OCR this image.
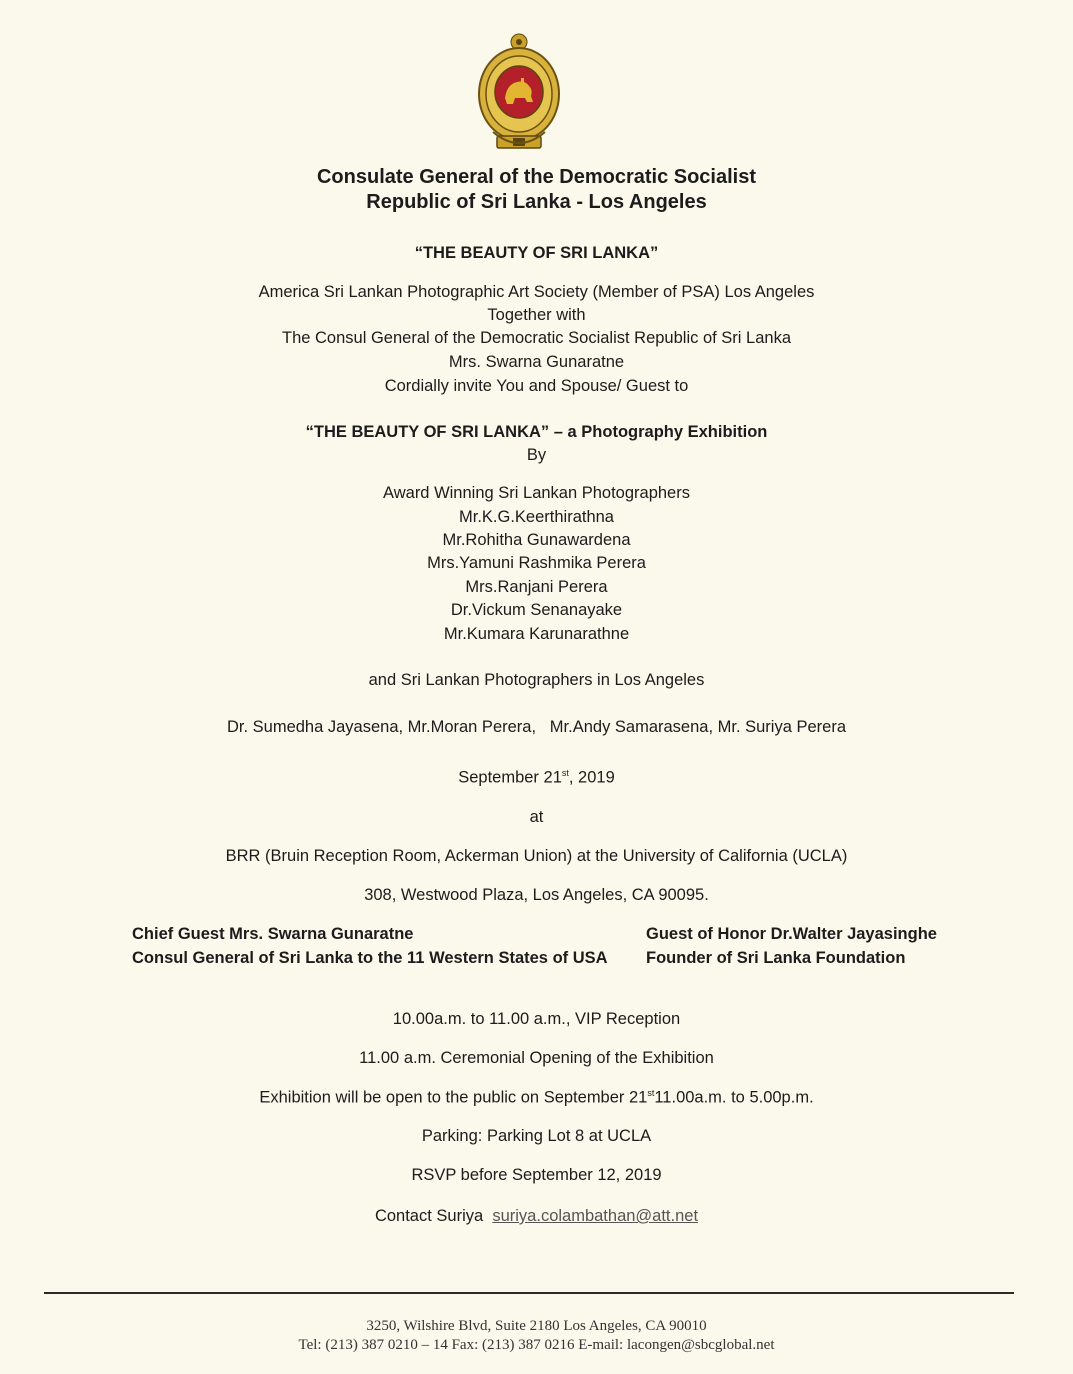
Consulate General of the Democratic Socialist
Republic of Sri Lanka - Los Angeles
“THE BEAUTY OF SRI LANKA”
America Sri Lankan Photographic Art Society (Member of PSA) Los Angeles
Together with
The Consul General of the Democratic Socialist Republic of Sri Lanka
Mrs. Swarna Gunaratne
Cordially invite You and Spouse/ Guest to
“THE BEAUTY OF SRI LANKA” – a Photography Exhibition
By
Award Winning Sri Lankan Photographers
Mr.K.G.Keerthirathna
Mr.Rohitha Gunawardena
Mrs.Yamuni Rashmika Perera
Mrs.Ranjani Perera
Dr.Vickum Senanayake
Mr.Kumara Karunarathne
and Sri Lankan Photographers in Los Angeles
Dr. Sumedha Jayasena, Mr.Moran Perera,   Mr.Andy Samarasena, Mr. Suriya Perera
September 21st, 2019
at
BRR (Bruin Reception Room, Ackerman Union) at the University of California (UCLA)
308, Westwood Plaza, Los Angeles, CA 90095.
Chief Guest Mrs. Swarna Gunaratne
Consul General of Sri Lanka to the 11 Western States of USA
Guest of Honor Dr.Walter Jayasinghe
Founder of Sri Lanka Foundation
10.00a.m. to 11.00 a.m., VIP Reception
11.00 a.m. Ceremonial Opening of the Exhibition
Exhibition will be open to the public on September 21st11.00a.m. to 5.00p.m.
Parking: Parking Lot 8 at UCLA
RSVP before September 12, 2019
Contact Suriya suriya.colambathan@att.net
3250, Wilshire Blvd, Suite 2180 Los Angeles, CA 90010
Tel: (213) 387 0210 – 14 Fax: (213) 387 0216 E-mail: lacongen@sbcglobal.net
